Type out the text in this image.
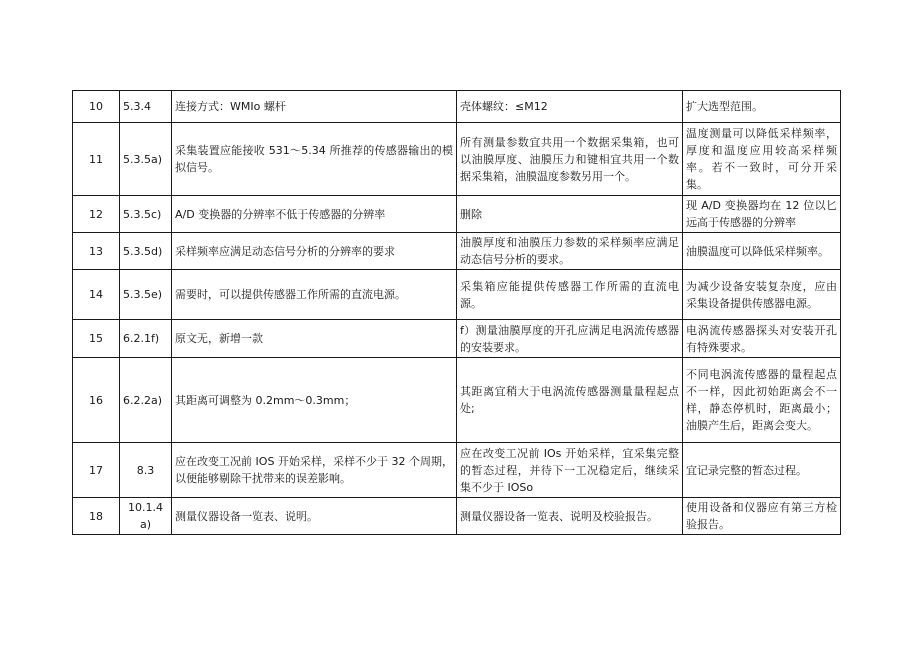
10	5.3.4	连接方式：WMIo 螺杆	壳体螺纹：≤M12	扩大选型范围。
11	5.3.5a)	采集装置应能接收 531～5.34 所推荐的传感器输出的模拟信号。	所有测量参数宜共用一个数据采集箱，也可以油膜厚度、油膜压力和键相宜共用一个数据采集箱，油膜温度参数另用一个。	温度测量可以降低采样频率，厚度和温度应用较高采样频率。若不一致时，可分开采集。
12	5.3.5c)	A/D 变换器的分辨率不低于传感器的分辨率	删除	现 A/D 变换器均在 12 位以匕远高于传感器的分辨率
13	5.3.5d)	采样频率应满足动态信号分析的分辨率的要求	油膜厚度和油膜压力参数的采样频率应满足动态信号分析的要求。	油膜温度可以降低采样频率。
14	5.3.5e)	需要时，可以提供传感器工作所需的直流电源。	采集箱应能提供传感器工作所需的直流电源。	为减少设备安装复杂度，应由采集设备提供传感器电源。
15	6.2.1f)	原文无，新增一款	f）测量油膜厚度的开孔应满足电涡流传感器的安装要求。	电涡流传感器探头对安装开孔有特殊要求。
16	6.2.2a)	其距离可调整为 0.2mm～0.3mm；	其距离宜稍大于电涡流传感器测量量程起点处;	不同电涡流传感器的量程起点不一样，因此初始距离会不一样，静态停机时，距离最小；油膜产生后，距离会变大。
17	8.3	应在改变工况前 IOS 开始采样，采样不少于 32 个周期，以便能够剔除干扰带来的误差影响。	应在改变工况前 IOs 开始采样，宜采集完整的暂态过程，并待下一工况稳定后，继续采集不少于 IOSo	宜记录完整的暂态过程。
18	10.1.4a)	测量仪器设备一览表、说明。	测量仪器设备一览表、说明及校验报告。	使用设备和仪器应有第三方检验报告。
